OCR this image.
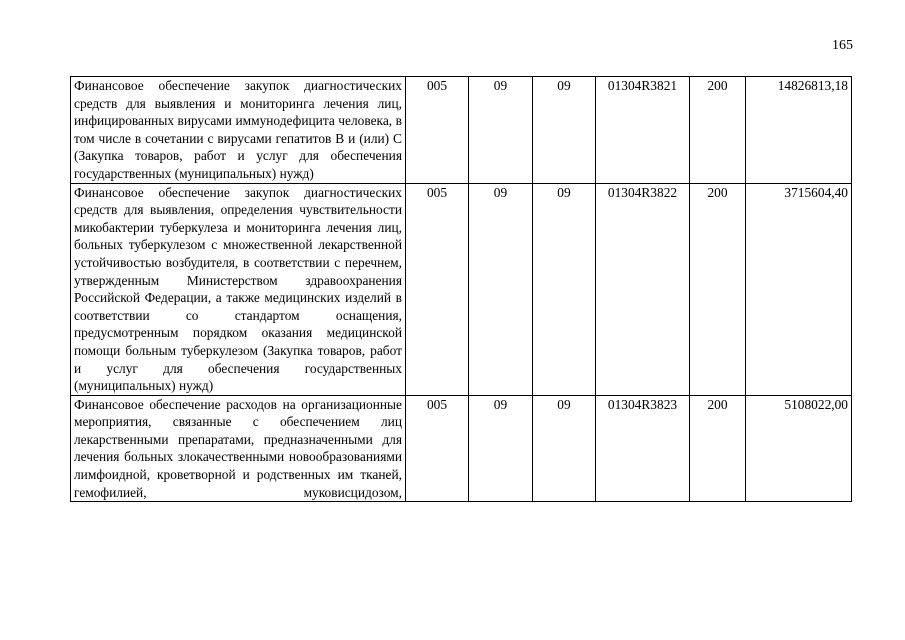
165
Финансовое обеспечение закупок диагностических средств для выявления и мониторинга лечения лиц, инфицированных вирусами иммунодефицита человека, в том числе в сочетании с вирусами гепатитов B и (или) C (Закупка товаров, работ и услуг для обеспечения государственных (муниципальных) нужд)	005	09	09	01304R3821	200	14826813,18
Финансовое обеспечение закупок диагностических средств для выявления, определения чувствительности микобактерии туберкулеза и мониторинга лечения лиц, больных туберкулезом с множественной лекарственной устойчивостью возбудителя, в соответствии с перечнем, утвержденным Министерством здравоохранения Российской Федерации, а также медицинских изделий в соответствии со стандартом оснащения, предусмотренным порядком оказания медицинской помощи больным туберкулезом (Закупка товаров, работ и услуг для обеспечения государственных (муниципальных) нужд)	005	09	09	01304R3822	200	3715604,40
Финансовое обеспечение расходов на организационные мероприятия, связанные с обеспечением лиц лекарственными препаратами, предназначенными для лечения больных злокачественными новообразованиями лимфоидной, кроветворной и родственных им тканей, гемофилией, муковисцидозом,	005	09	09	01304R3823	200	5108022,00
